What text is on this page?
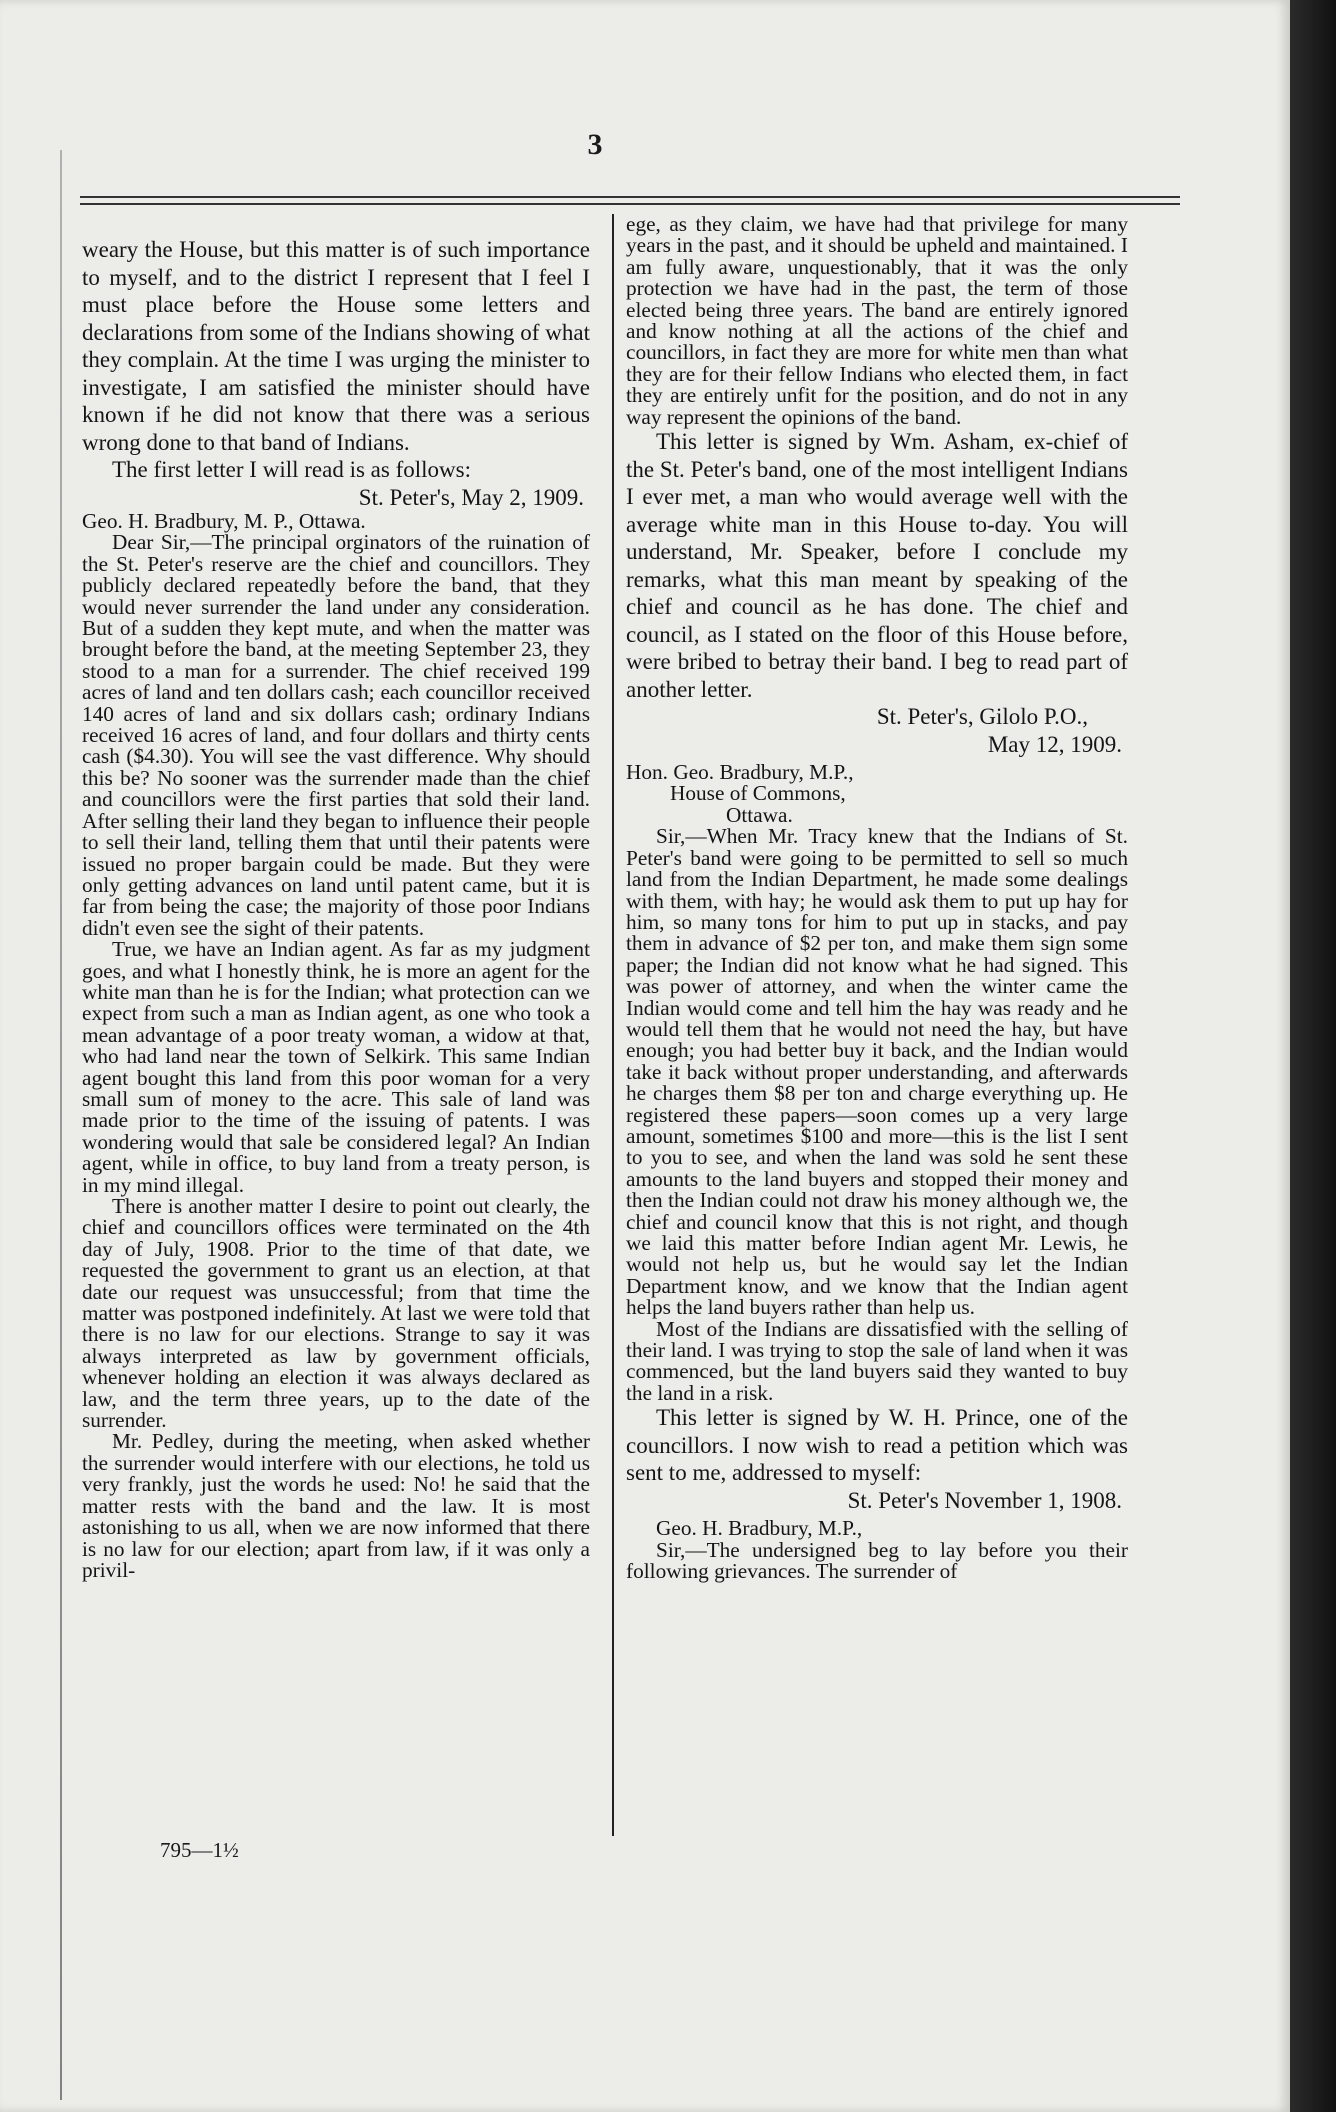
3

weary the House, but this matter is of such importance to myself, and to the district I represent that I feel I must place before the House some letters and declarations from some of the Indians showing of what they complain. At the time I was urging the minister to investigate, I am satisfied the minister should have known if he did not know that there was a serious wrong done to that band of Indians.

The first letter I will read is as follows:

St. Peter's, May 2, 1909.

Geo. H. Bradbury, M. P., Ottawa.

Dear Sir,—The principal orginators of the ruination of the St. Peter's reserve are the chief and councillors. They publicly declared repeatedly before the band, that they would never surrender the land under any consideration. But of a sudden they kept mute, and when the matter was brought before the band, at the meeting September 23, they stood to a man for a surrender. The chief received 199 acres of land and ten dollars cash; each councillor received 140 acres of land and six dollars cash; ordinary Indians received 16 acres of land, and four dollars and thirty cents cash ($4.30). You will see the vast difference. Why should this be? No sooner was the surrender made than the chief and councillors were the first parties that sold their land. After selling their land they began to influence their people to sell their land, telling them that until their patents were issued no proper bargain could be made. But they were only getting advances on land until patent came, but it is far from being the case; the majority of those poor Indians didn't even see the sight of their patents.

True, we have an Indian agent. As far as my judgment goes, and what I honestly think, he is more an agent for the white man than he is for the Indian; what protection can we expect from such a man as Indian agent, as one who took a mean advantage of a poor treaty woman, a widow at that, who had land near the town of Selkirk. This same Indian agent bought this land from this poor woman for a very small sum of money to the acre. This sale of land was made prior to the time of the issuing of patents. I was wondering would that sale be considered legal? An Indian agent, while in office, to buy land from a treaty person, is in my mind illegal.

There is another matter I desire to point out clearly, the chief and councillors offices were terminated on the 4th day of July, 1908. Prior to the time of that date, we requested the government to grant us an election, at that date our request was unsuccessful; from that time the matter was postponed indefinitely. At last we were told that there is no law for our elections. Strange to say it was always interpreted as law by government officials, whenever holding an election it was always declared as law, and the term three years, up to the date of the surrender.

Mr. Pedley, during the meeting, when asked whether the surrender would interfere with our elections, he told us very frankly, just the words he used: No! he said that the matter rests with the band and the law. It is most astonishing to us all, when we are now informed that there is no law for our election; apart from law, if it was only a privil-

ege, as they claim, we have had that privilege for many years in the past, and it should be upheld and maintained. I am fully aware, unquestionably, that it was the only protection we have had in the past, the term of those elected being three years. The band are entirely ignored and know nothing at all the actions of the chief and councillors, in fact they are more for white men than what they are for their fellow Indians who elected them, in fact they are entirely unfit for the position, and do not in any way represent the opinions of the band.

This letter is signed by Wm. Asham, ex-chief of the St. Peter's band, one of the most intelligent Indians I ever met, a man who would average well with the average white man in this House to-day. You will understand, Mr. Speaker, before I conclude my remarks, what this man meant by speaking of the chief and council as he has done. The chief and council, as I stated on the floor of this House before, were bribed to betray their band. I beg to read part of another letter.

St. Peter's, Gilolo P.O.,

May 12, 1909.

Hon. Geo. Bradbury, M.P.,

House of Commons,

Ottawa.

Sir,—When Mr. Tracy knew that the Indians of St. Peter's band were going to be permitted to sell so much land from the Indian Department, he made some dealings with them, with hay; he would ask them to put up hay for him, so many tons for him to put up in stacks, and pay them in advance of $2 per ton, and make them sign some paper; the Indian did not know what he had signed. This was power of attorney, and when the winter came the Indian would come and tell him the hay was ready and he would tell them that he would not need the hay, but have enough; you had better buy it back, and the Indian would take it back without proper understanding, and afterwards he charges them $8 per ton and charge everything up. He registered these papers—soon comes up a very large amount, sometimes $100 and more—this is the list I sent to you to see, and when the land was sold he sent these amounts to the land buyers and stopped their money and then the Indian could not draw his money although we, the chief and council know that this is not right, and though we laid this matter before Indian agent Mr. Lewis, he would not help us, but he would say let the Indian Department know, and we know that the Indian agent helps the land buyers rather than help us.

Most of the Indians are dissatisfied with the selling of their land. I was trying to stop the sale of land when it was commenced, but the land buyers said they wanted to buy the land in a risk.

This letter is signed by W. H. Prince, one of the councillors. I now wish to read a petition which was sent to me, addressed to myself:

St. Peter's November 1, 1908.

Geo. H. Bradbury, M.P.,

Sir,—The undersigned beg to lay before you their following grievances. The surrender of

795—1½
